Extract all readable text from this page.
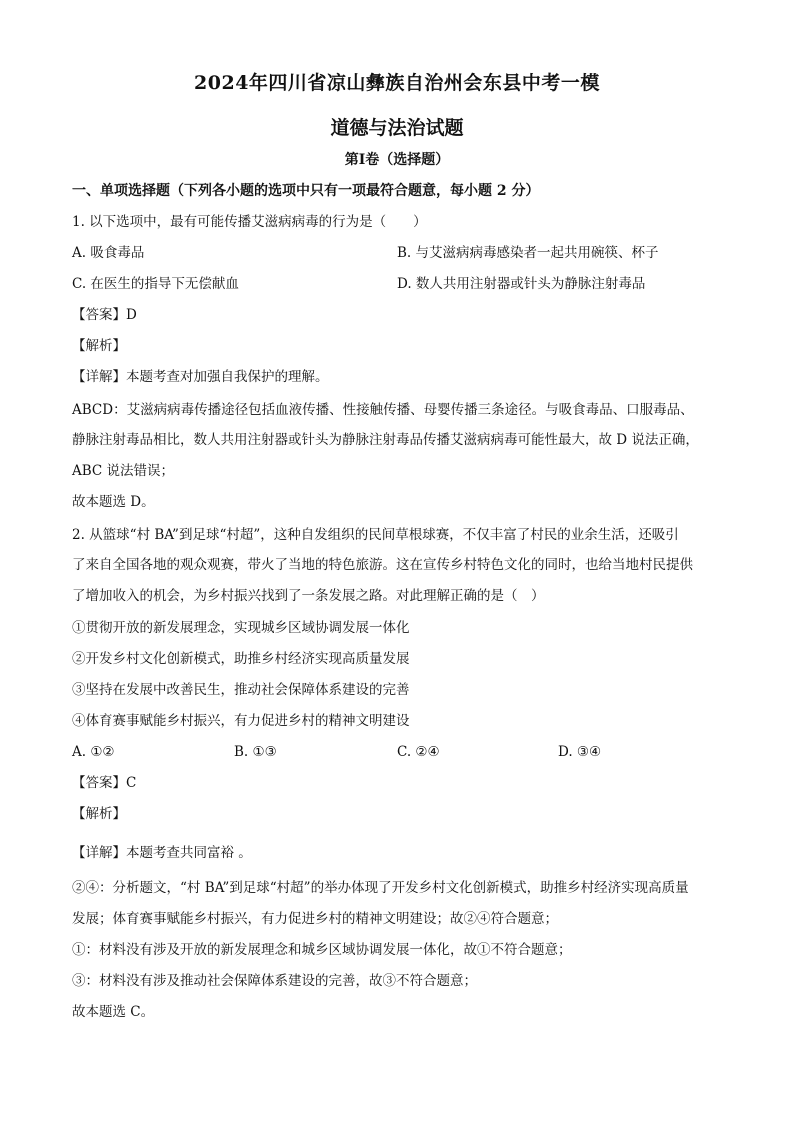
2024年四川省凉山彝族自治州会东县中考一模
道德与法治试题
第Ⅰ卷（选择题）
一、单项选择题（下列各小题的选项中只有一项最符合题意，每小题 2 分）
1. 以下选项中，最有可能传播艾滋病病毒的行为是（　　）
A. 吸食毒品	B. 与艾滋病病毒感染者一起共用碗筷、杯子
C. 在医生的指导下无偿献血	D. 数人共用注射器或针头为静脉注射毒品
【答案】D
【解析】
【详解】本题考查对加强自我保护的理解。
ABCD：艾滋病病毒传播途径包括血液传播、性接触传播、母婴传播三条途径。与吸食毒品、口服毒品、
静脉注射毒品相比，数人共用注射器或针头为静脉注射毒品传播艾滋病病毒可能性最大，故 D 说法正确，
ABC 说法错误；
故本题选 D。
2. 从篮球“村 BA”到足球“村超”，这种自发组织的民间草根球赛，不仅丰富了村民的业余生活，还吸引
了来自全国各地的观众观赛，带火了当地的特色旅游。这在宣传乡村特色文化的同时，也给当地村民提供
了增加收入的机会，为乡村振兴找到了一条发展之路。对此理解正确的是（　）
①贯彻开放的新发展理念，实现城乡区域协调发展一体化
②开发乡村文化创新模式，助推乡村经济实现高质量发展
③坚持在发展中改善民生，推动社会保障体系建设的完善
④体育赛事赋能乡村振兴，有力促进乡村的精神文明建设
A. ①②	B. ①③	C. ②④	D. ③④
【答案】C
【解析】
【详解】本题考查共同富裕 。
②④：分析题文，“村 BA”到足球“村超”的举办体现了开发乡村文化创新模式，助推乡村经济实现高质量
发展；体育赛事赋能乡村振兴，有力促进乡村的精神文明建设；故②④符合题意；
①：材料没有涉及开放的新发展理念和城乡区域协调发展一体化，故①不符合题意；
③：材料没有涉及推动社会保障体系建设的完善，故③不符合题意；
故本题选 C。
